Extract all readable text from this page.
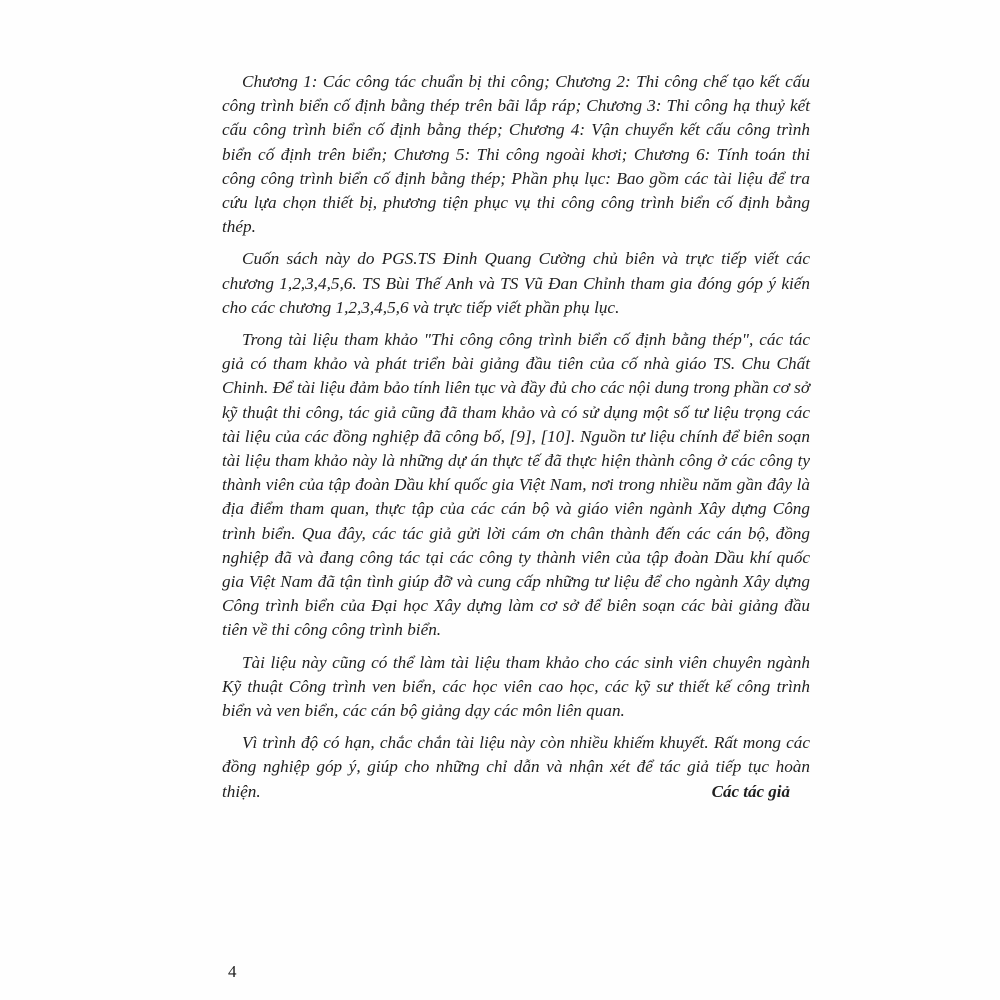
Chương 1: Các công tác chuẩn bị thi công; Chương 2: Thi công chế tạo kết cấu công trình biển cố định bằng thép trên bãi lắp ráp; Chương 3: Thi công hạ thuỷ kết cấu công trình biển cố định bằng thép; Chương 4: Vận chuyển kết cấu công trình biển cố định trên biển; Chương 5: Thi công ngoài khơi; Chương 6: Tính toán thi công công trình biển cố định bằng thép; Phần phụ lục: Bao gồm các tài liệu để tra cứu lựa chọn thiết bị, phương tiện phục vụ thi công công trình biển cố định bằng thép.

Cuốn sách này do PGS.TS Đinh Quang Cường chủ biên và trực tiếp viết các chương 1,2,3,4,5,6. TS Bùi Thế Anh và TS Vũ Đan Chỉnh tham gia đóng góp ý kiến cho các chương 1,2,3,4,5,6 và trực tiếp viết phần phụ lục.

Trong tài liệu tham khảo "Thi công công trình biển cố định bằng thép", các tác giả có tham khảo và phát triển bài giảng đầu tiên của cố nhà giáo TS. Chu Chất Chinh. Để tài liệu đảm bảo tính liên tục và đầy đủ cho các nội dung trong phần cơ sở kỹ thuật thi công, tác giả cũng đã tham khảo và có sử dụng một số tư liệu trọng các tài liệu của các đồng nghiệp đã công bố, [9], [10]. Nguồn tư liệu chính để biên soạn tài liệu tham khảo này là những dự án thực tế đã thực hiện thành công ở các công ty thành viên của tập đoàn Dầu khí quốc gia Việt Nam, nơi trong nhiều năm gần đây là địa điểm tham quan, thực tập của các cán bộ và giáo viên ngành Xây dựng Công trình biển. Qua đây, các tác giả gửi lời cám ơn chân thành đến các cán bộ, đồng nghiệp đã và đang công tác tại các công ty thành viên của tập đoàn Dầu khí quốc gia Việt Nam đã tận tình giúp đỡ và cung cấp những tư liệu để cho ngành Xây dựng Công trình biển của Đại học Xây dựng làm cơ sở để biên soạn các bài giảng đầu tiên về thi công công trình biển.

Tài liệu này cũng có thể làm tài liệu tham khảo cho các sinh viên chuyên ngành Kỹ thuật Công trình ven biển, các học viên cao học, các kỹ sư thiết kế công trình biển và ven biển, các cán bộ giảng dạy các môn liên quan.

Vì trình độ có hạn, chắc chắn tài liệu này còn nhiều khiếm khuyết. Rất mong các đồng nghiệp góp ý, giúp cho những chỉ dẫn và nhận xét để tác giả tiếp tục hoàn thiện.	Các tác giả
4
